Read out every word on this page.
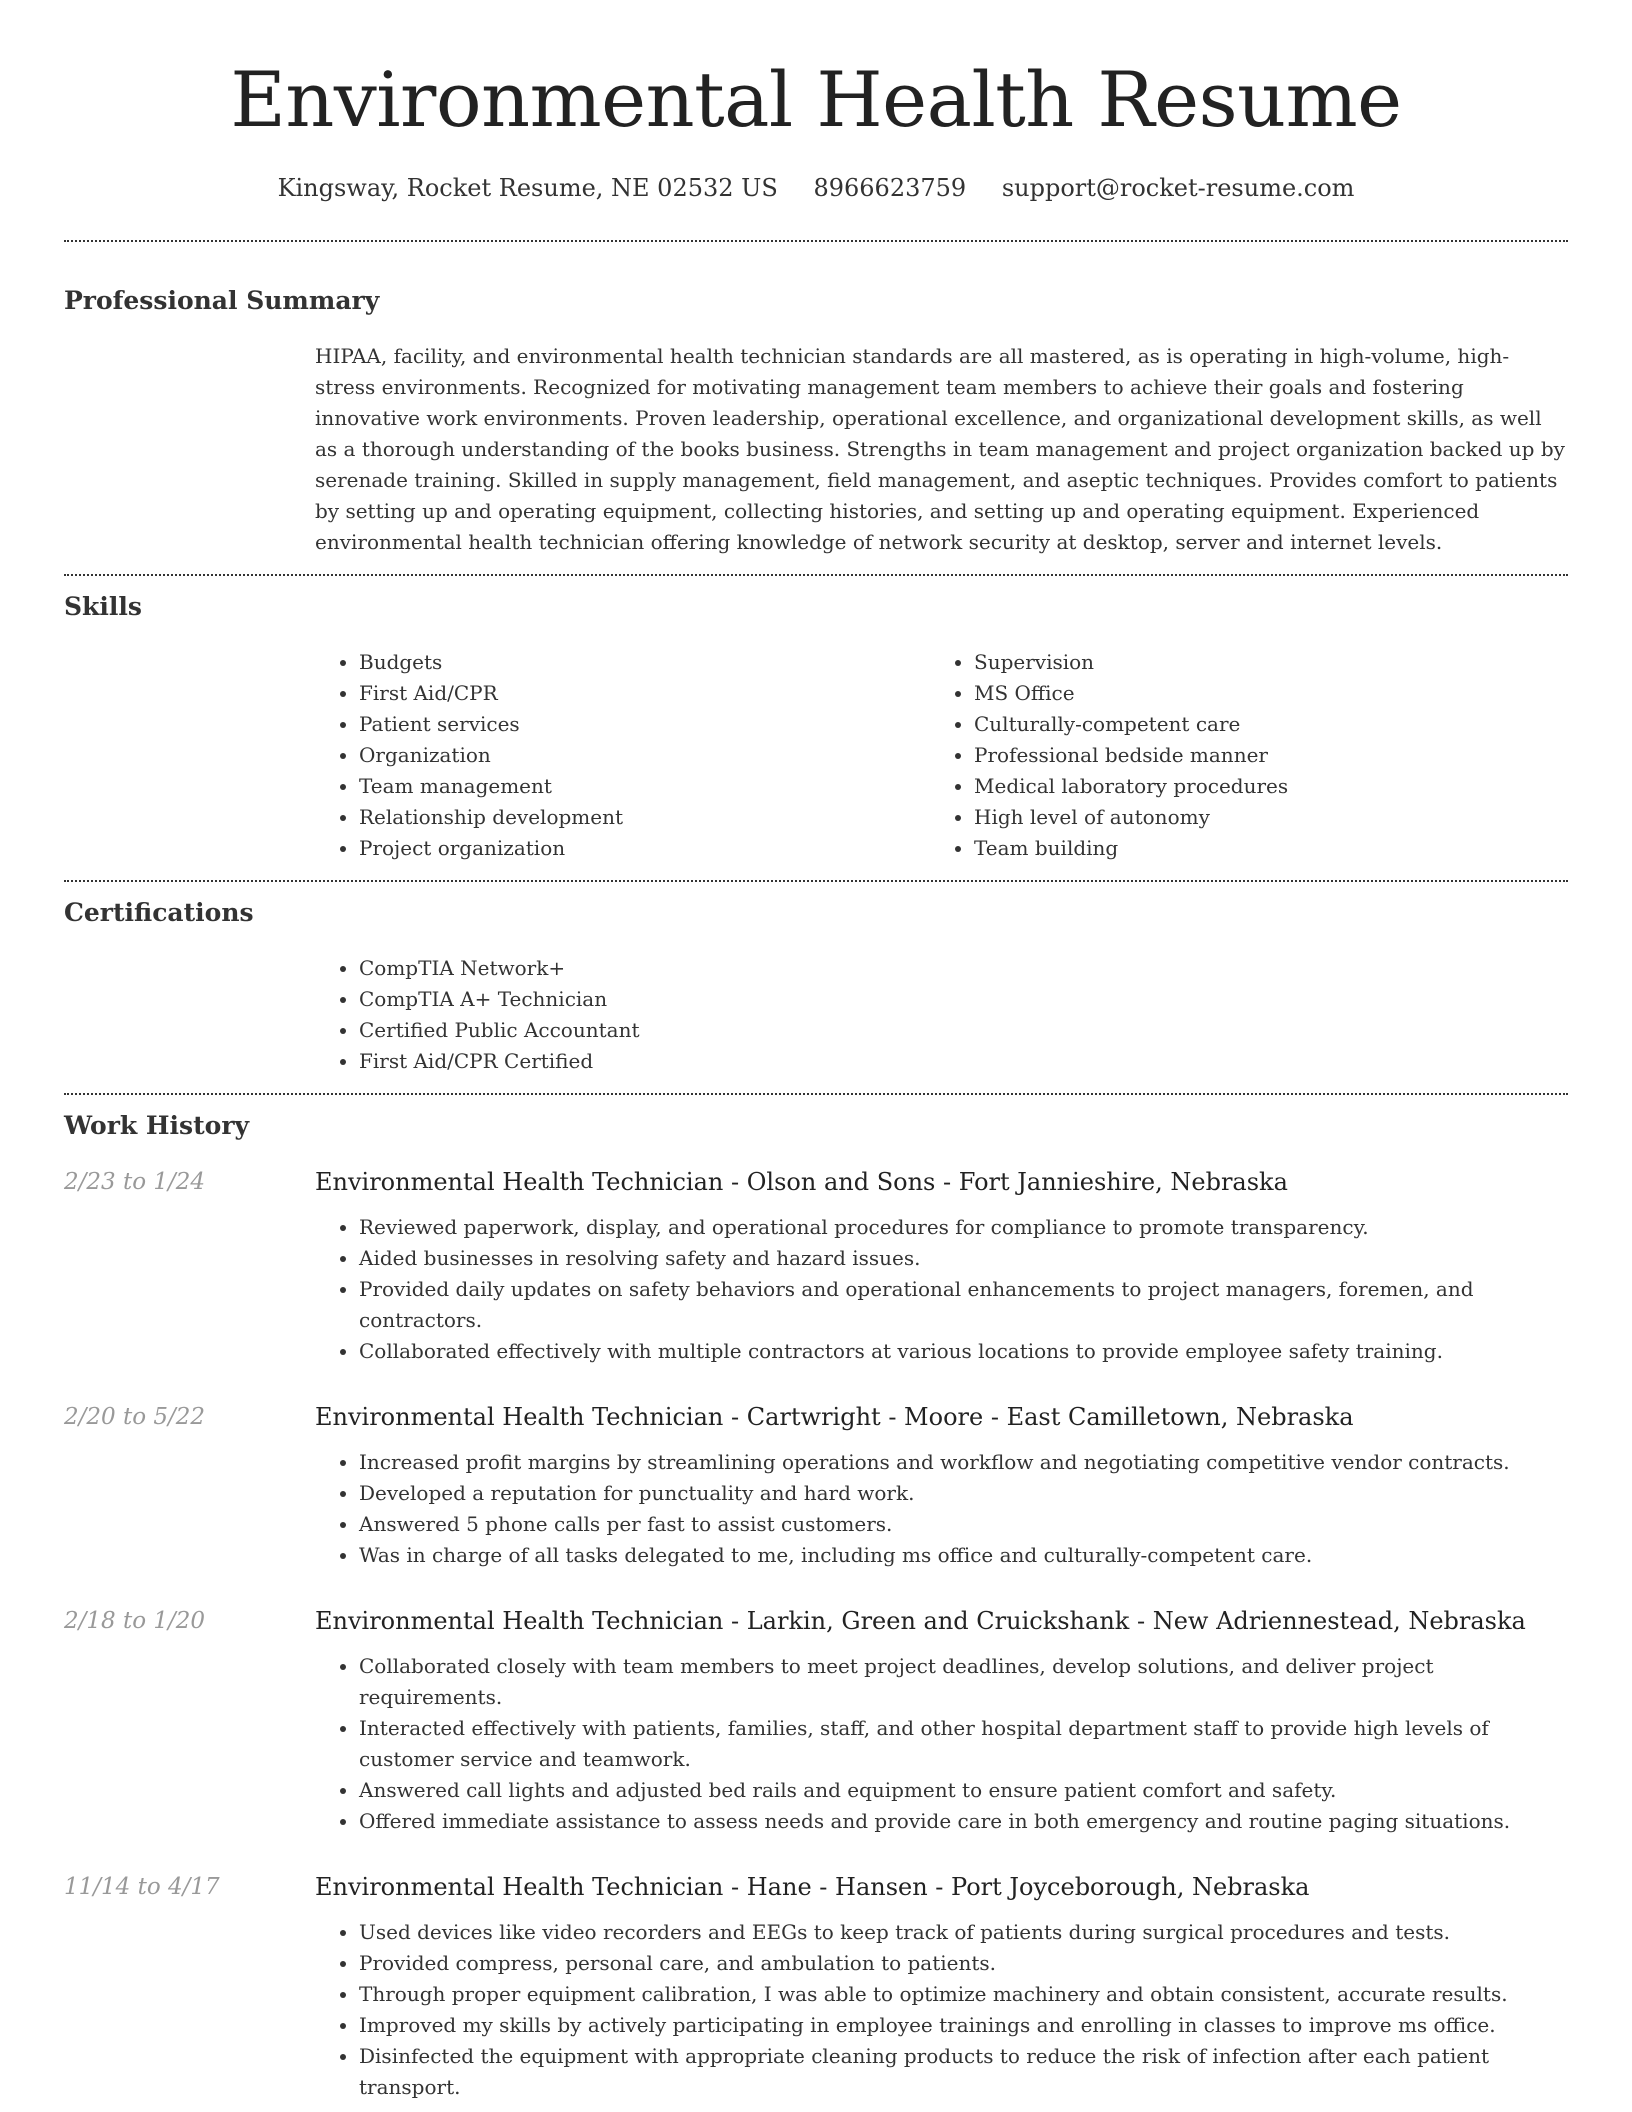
Environmental Health Resume
Kingsway, Rocket Resume, NE 02532 US 8966623759 support@rocket-resume.com
Professional Summary
HIPAA, facility, and environmental health technician standards are all mastered, as is operating in high-volume, high-stress environments. Recognized for motivating management team members to achieve their goals and fostering innovative work environments. Proven leadership, operational excellence, and organizational development skills, as well as a thorough understanding of the books business. Strengths in team management and project organization backed up by serenade training. Skilled in supply management, field management, and aseptic techniques. Provides comfort to patients by setting up and operating equipment, collecting histories, and setting up and operating equipment. Experienced environmental health technician offering knowledge of network security at desktop, server and internet levels.
Skills
• Budgets
• First Aid/CPR
• Patient services
• Organization
• Team management
• Relationship development
• Project organization
• Supervision
• MS Office
• Culturally-competent care
• Professional bedside manner
• Medical laboratory procedures
• High level of autonomy
• Team building
Certifications
• CompTIA Network+
• CompTIA A+ Technician
• Certified Public Accountant
• First Aid/CPR Certified
Work History
2/23 to 1/24	Environmental Health Technician - Olson and Sons - Fort Jannieshire, Nebraska
• Reviewed paperwork, display, and operational procedures for compliance to promote transparency.
• Aided businesses in resolving safety and hazard issues.
• Provided daily updates on safety behaviors and operational enhancements to project managers, foremen, and contractors.
• Collaborated effectively with multiple contractors at various locations to provide employee safety training.
2/20 to 5/22	Environmental Health Technician - Cartwright - Moore - East Camilletown, Nebraska
• Increased profit margins by streamlining operations and workflow and negotiating competitive vendor contracts.
• Developed a reputation for punctuality and hard work.
• Answered 5 phone calls per fast to assist customers.
• Was in charge of all tasks delegated to me, including ms office and culturally-competent care.
2/18 to 1/20	Environmental Health Technician - Larkin, Green and Cruickshank - New Adriennestead, Nebraska
• Collaborated closely with team members to meet project deadlines, develop solutions, and deliver project requirements.
• Interacted effectively with patients, families, staff, and other hospital department staff to provide high levels of customer service and teamwork.
• Answered call lights and adjusted bed rails and equipment to ensure patient comfort and safety.
• Offered immediate assistance to assess needs and provide care in both emergency and routine paging situations.
11/14 to 4/17	Environmental Health Technician - Hane - Hansen - Port Joyceborough, Nebraska
• Used devices like video recorders and EEGs to keep track of patients during surgical procedures and tests.
• Provided compress, personal care, and ambulation to patients.
• Through proper equipment calibration, I was able to optimize machinery and obtain consistent, accurate results.
• Improved my skills by actively participating in employee trainings and enrolling in classes to improve ms office.
• Disinfected the equipment with appropriate cleaning products to reduce the risk of infection after each patient transport.
